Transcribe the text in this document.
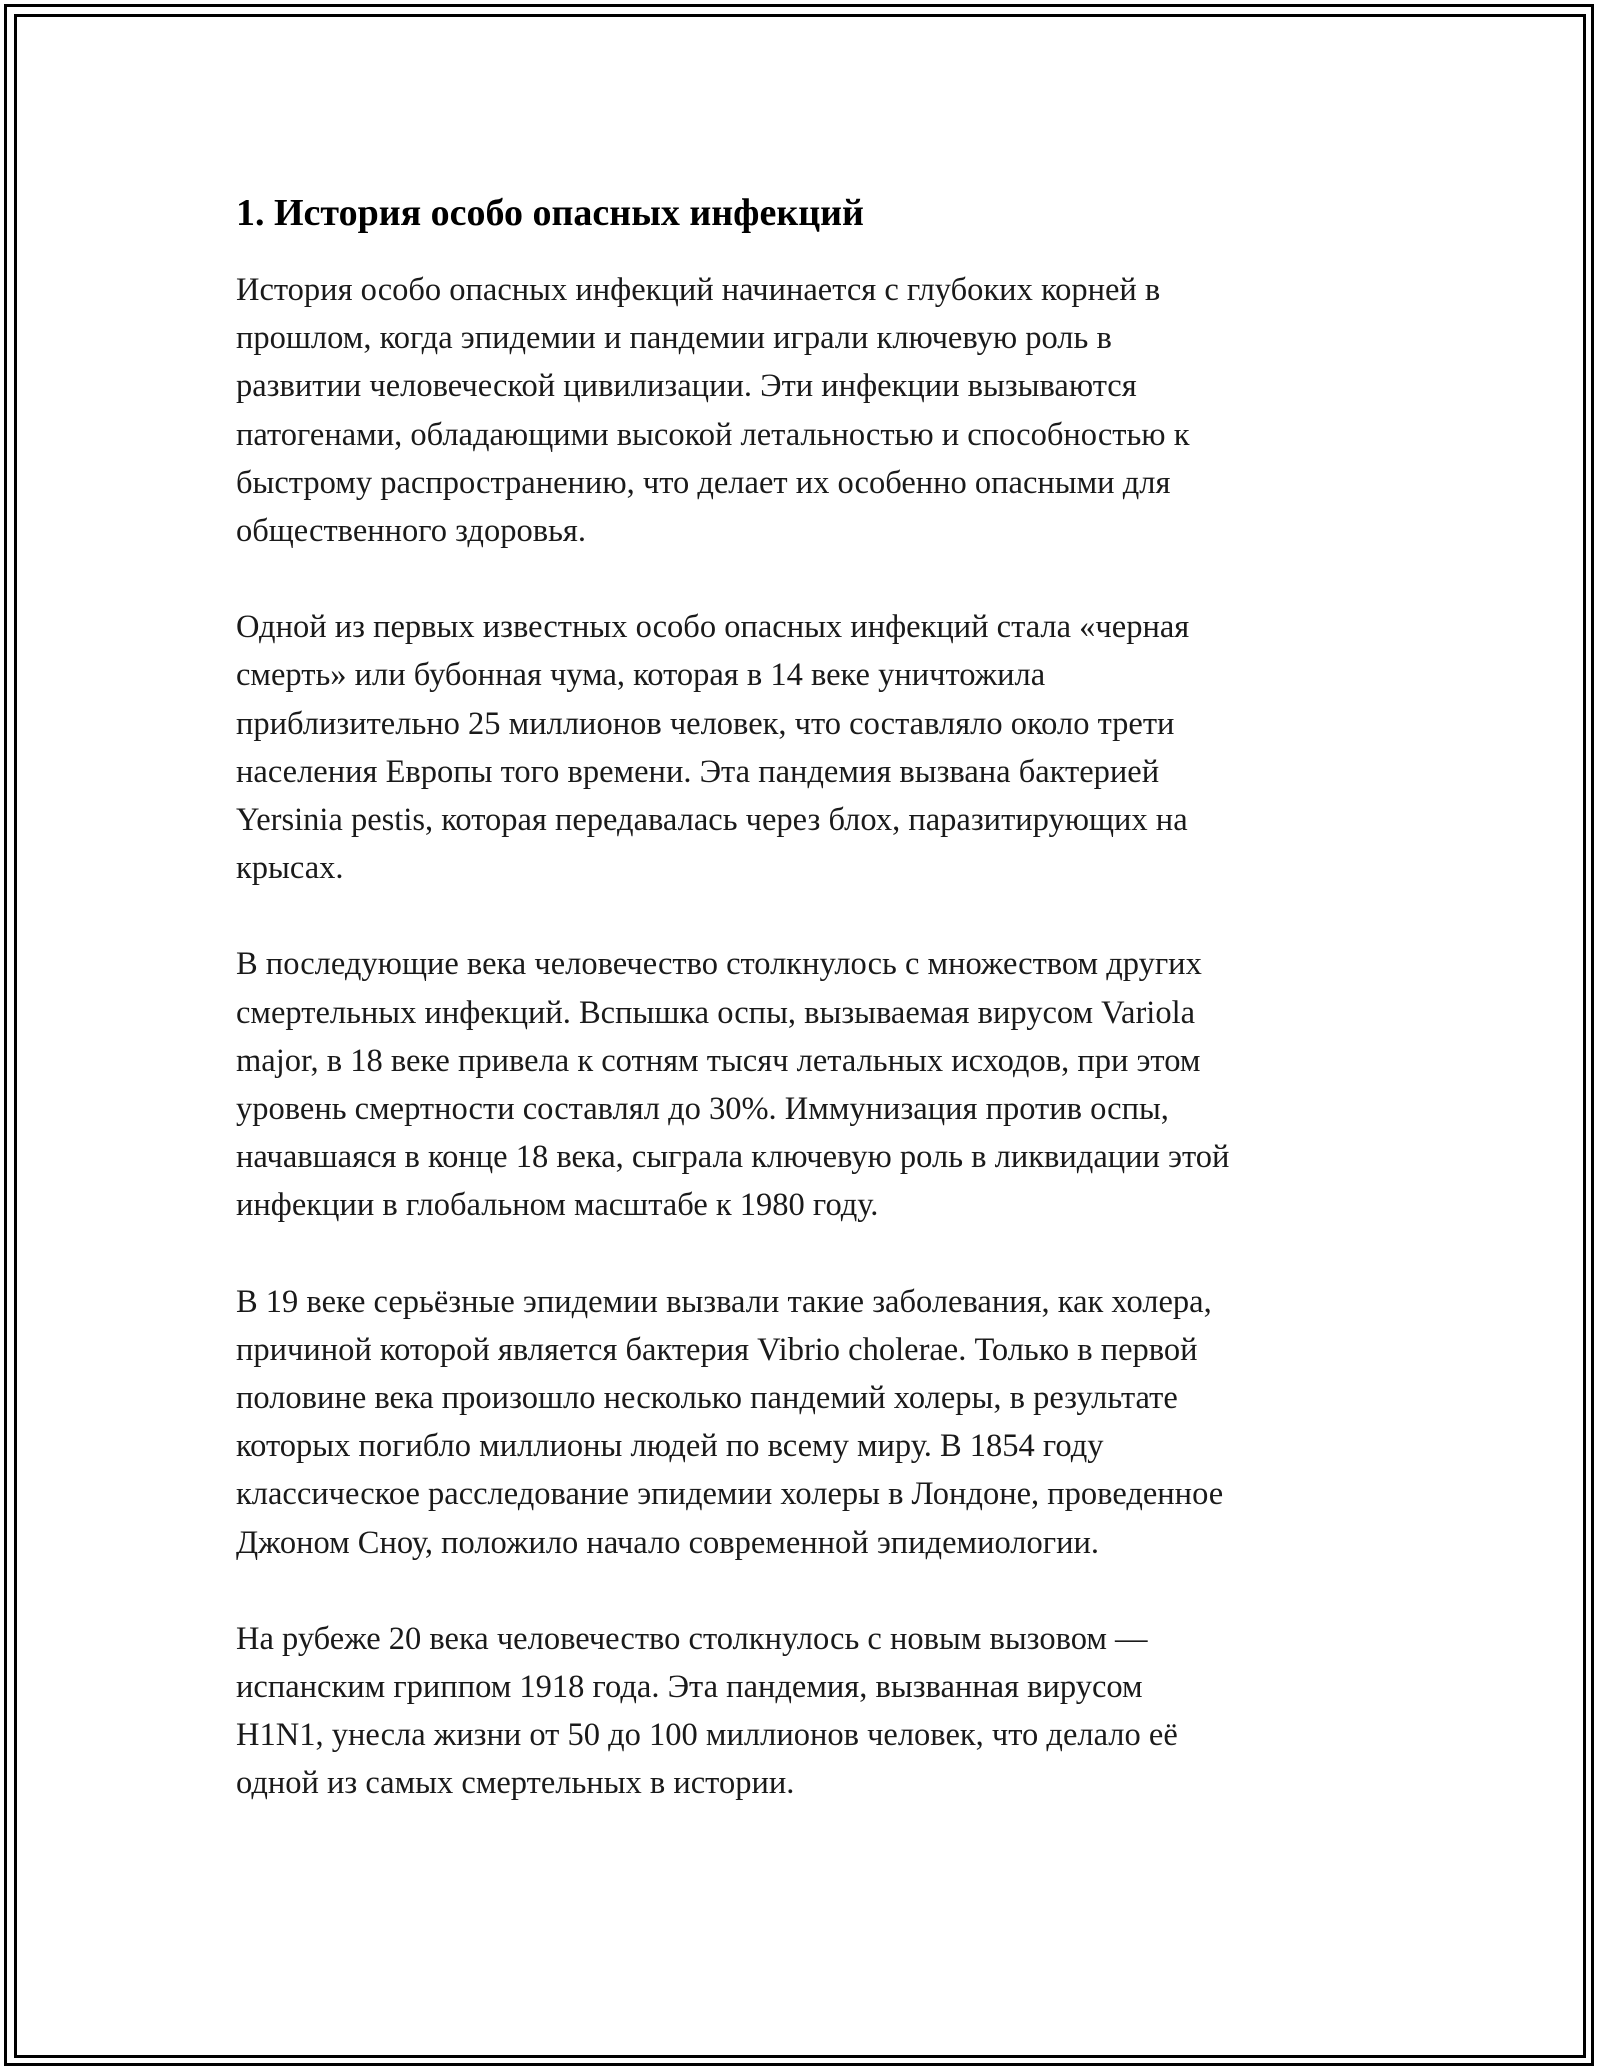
1. История особо опасных инфекций

История особо опасных инфекций начинается с глубоких корней в
прошлом, когда эпидемии и пандемии играли ключевую роль в
развитии человеческой цивилизации. Эти инфекции вызываются
патогенами, обладающими высокой летальностью и способностью к
быстрому распространению, что делает их особенно опасными для
общественного здоровья.

Одной из первых известных особо опасных инфекций стала «черная
смерть» или бубонная чума, которая в 14 веке уничтожила
приблизительно 25 миллионов человек, что составляло около трети
населения Европы того времени. Эта пандемия вызвана бактерией
Yersinia pestis, которая передавалась через блох, паразитирующих на
крысах.

В последующие века человечество столкнулось с множеством других
смертельных инфекций. Вспышка оспы, вызываемая вирусом Variola
major, в 18 веке привела к сотням тысяч летальных исходов, при этом
уровень смертности составлял до 30%. Иммунизация против оспы,
начавшаяся в конце 18 века, сыграла ключевую роль в ликвидации этой
инфекции в глобальном масштабе к 1980 году.

В 19 веке серьёзные эпидемии вызвали такие заболевания, как холера,
причиной которой является бактерия Vibrio cholerae. Только в первой
половине века произошло несколько пандемий холеры, в результате
которых погибло миллионы людей по всему миру. В 1854 году
классическое расследование эпидемии холеры в Лондоне, проведенное
Джоном Сноу, положило начало современной эпидемиологии.

На рубеже 20 века человечество столкнулось с новым вызовом —
испанским гриппом 1918 года. Эта пандемия, вызванная вирусом
H1N1, унесла жизни от 50 до 100 миллионов человек, что делало её
одной из самых смертельных в истории.
